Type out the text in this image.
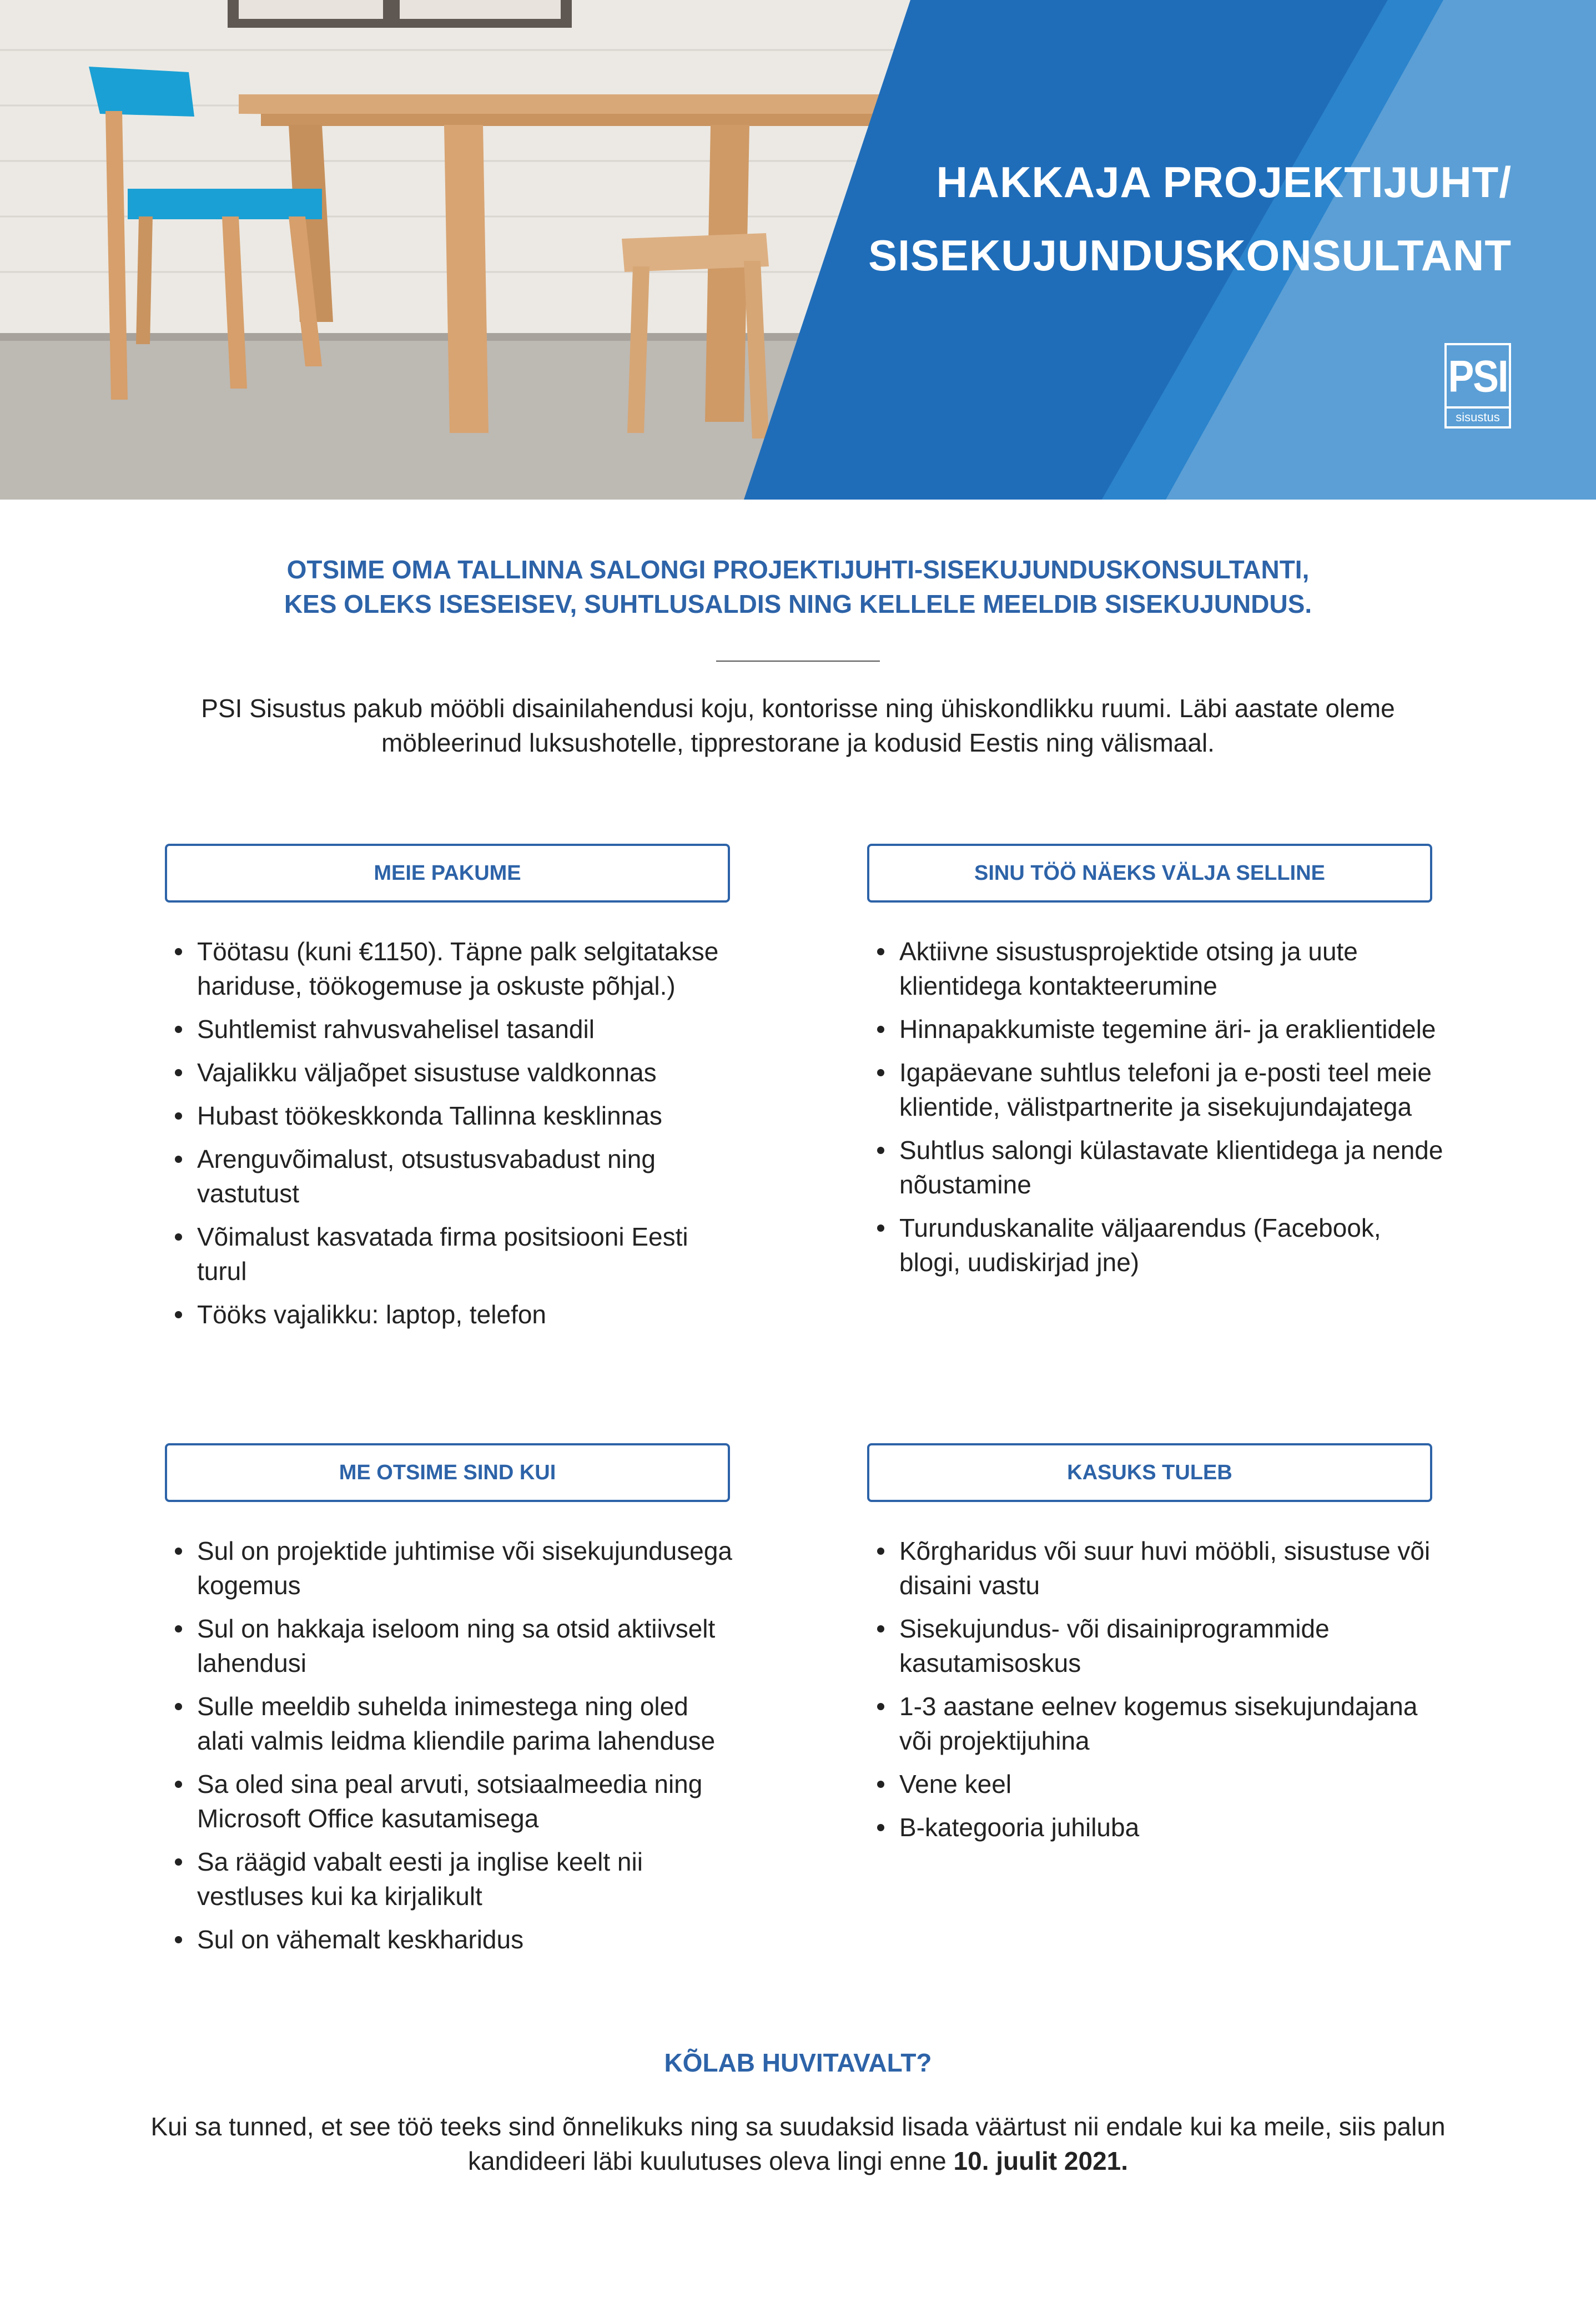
HAKKAJA PROJEKTIJUHT/
SISEKUJUNDUSKONSULTANT
PSI
sisustus
OTSIME OMA TALLINNA SALONGI PROJEKTIJUHTI-SISEKUJUNDUSKONSULTANTI,
KES OLEKS ISESEISEV, SUHTLUSALDIS NING KELLELE MEELDIB SISEKUJUNDUS.
PSI Sisustus pakub mööbli disainilahendusi koju, kontorisse ning ühiskondlikku ruumi. Läbi aastate oleme
möbleerinud luksushotelle, tipprestorane ja kodusid Eestis ning välismaal.
MEIE PAKUME
Töötasu (kuni €1150). Täpne palk selgitatakse hariduse, töökogemuse ja oskuste põhjal.)
Suhtlemist rahvusvahelisel tasandil
Vajalikku väljaõpet sisustuse valdkonnas
Hubast töökeskkonda Tallinna kesklinnas
Arenguvõimalust, otsustusvabadust ning vastutust
Võimalust kasvatada firma positsiooni Eesti turul
Tööks vajalikku: laptop, telefon
SINU TÖÖ NÄEKS VÄLJA SELLINE
Aktiivne sisustusprojektide otsing ja uute klientidega kontakteerumine
Hinnapakkumiste tegemine äri- ja eraklientidele
Igapäevane suhtlus telefoni ja e-posti teel meie klientide, välistpartnerite ja sisekujundajatega
Suhtlus salongi külastavate klientidega ja nende nõustamine
Turunduskanalite väljaarendus (Facebook, blogi, uudiskirjad jne)
ME OTSIME SIND KUI
Sul on projektide juhtimise või sisekujundusega kogemus
Sul on hakkaja iseloom ning sa otsid aktiivselt lahendusi
Sulle meeldib suhelda inimestega ning oled alati valmis leidma kliendile parima lahenduse
Sa oled sina peal arvuti, sotsiaalmeedia ning Microsoft Office kasutamisega
Sa räägid vabalt eesti ja inglise keelt nii vestluses kui ka kirjalikult
Sul on vähemalt keskharidus
KASUKS TULEB
Kõrgharidus või suur huvi mööbli, sisustuse või disaini vastu
Sisekujundus- või disainiprogrammide kasutamisoskus
1-3 aastane eelnev kogemus sisekujundajana või projektijuhina
Vene keel
B-kategooria juhiluba
KÕLAB HUVITAVALT?
Kui sa tunned, et see töö teeks sind õnnelikuks ning sa suudaksid lisada väärtust nii endale kui ka meile, siis palun
kandideeri läbi kuulutuses oleva lingi enne 10. juulit 2021.
